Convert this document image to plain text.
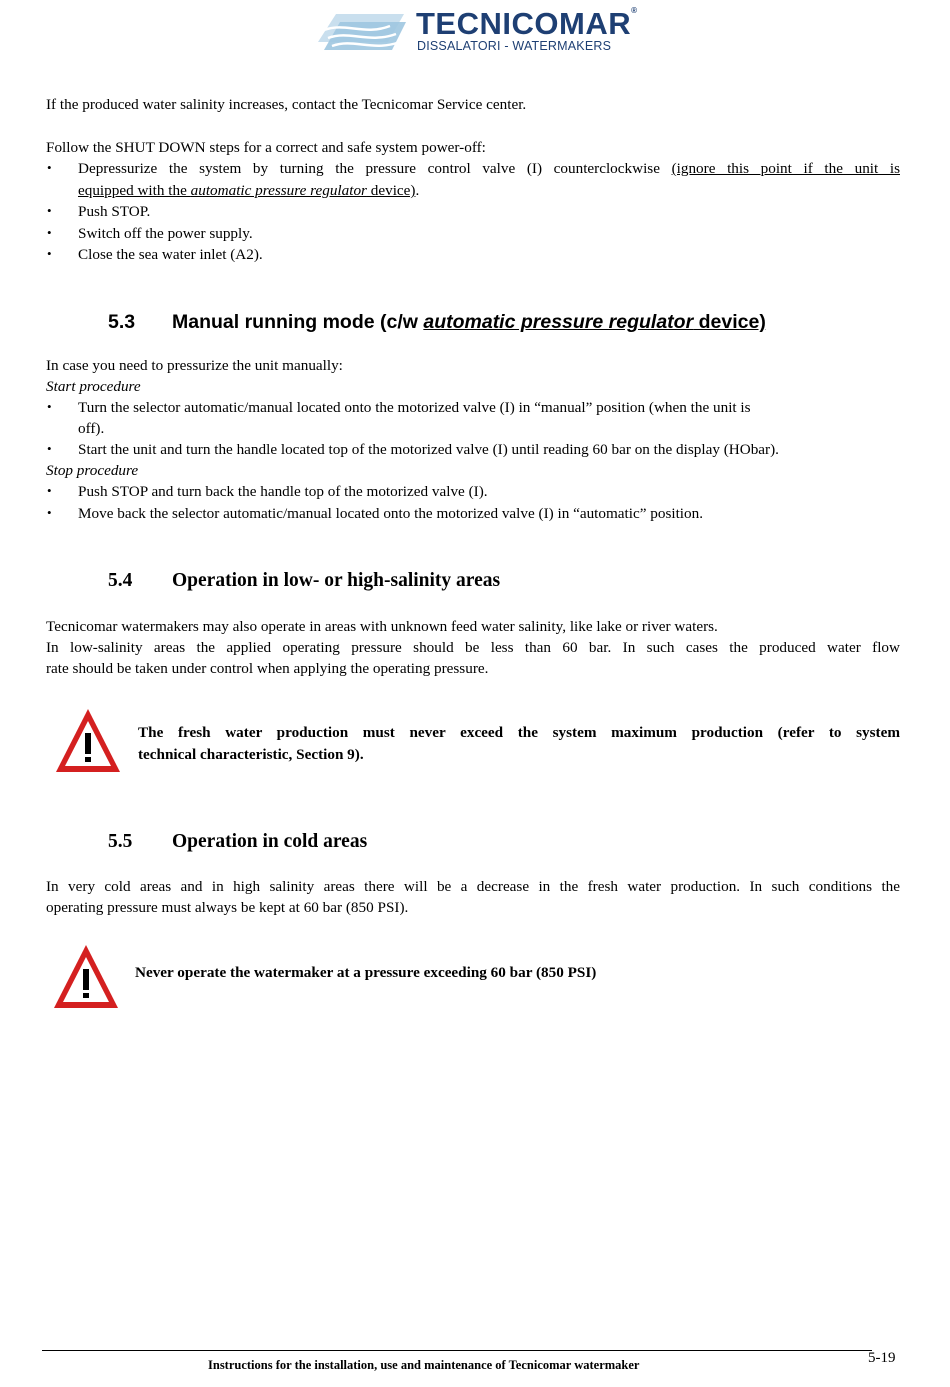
TECNICOMAR®
DISSALATORI - WATERMAKERS
If the produced water salinity increases, contact the Tecnicomar Service center.
Follow the SHUT DOWN steps for a correct and safe system power-off:
• Depressurize the system by turning the pressure control valve (I) counterclockwise (ignore this point if the unit is
equipped with the automatic pressure regulator device).
• Push STOP.
• Switch off the power supply.
• Close the sea water inlet (A2).
5.3 Manual running mode (c/w automatic pressure regulator device)
In case you need to pressurize the unit manually:
Start procedure
• Turn the selector automatic/manual located onto the motorized valve (I) in “manual” position (when the unit is
off).
• Start the unit and turn the handle located top of the motorized valve (I) until reading 60 bar on the display (HObar).
Stop procedure
• Push STOP and turn back the handle top of the motorized valve (I).
• Move back the selector automatic/manual located onto the motorized valve (I) in “automatic” position.
5.4 Operation in low- or high-salinity areas
Tecnicomar watermakers may also operate in areas with unknown feed water salinity, like lake or river waters.
In low-salinity areas the applied operating pressure should be less than 60 bar. In such cases the produced water flow
rate should be taken under control when applying the operating pressure.
The fresh water production must never exceed the system maximum production (refer to system
technical characteristic, Section 9).
5.5 Operation in cold areas
In very cold areas and in high salinity areas there will be a decrease in the fresh water production. In such conditions the
operating pressure must always be kept at 60 bar (850 PSI).
Never operate the watermaker at a pressure exceeding 60 bar (850 PSI)
Instructions for the installation, use and maintenance of Tecnicomar watermaker	5-19
